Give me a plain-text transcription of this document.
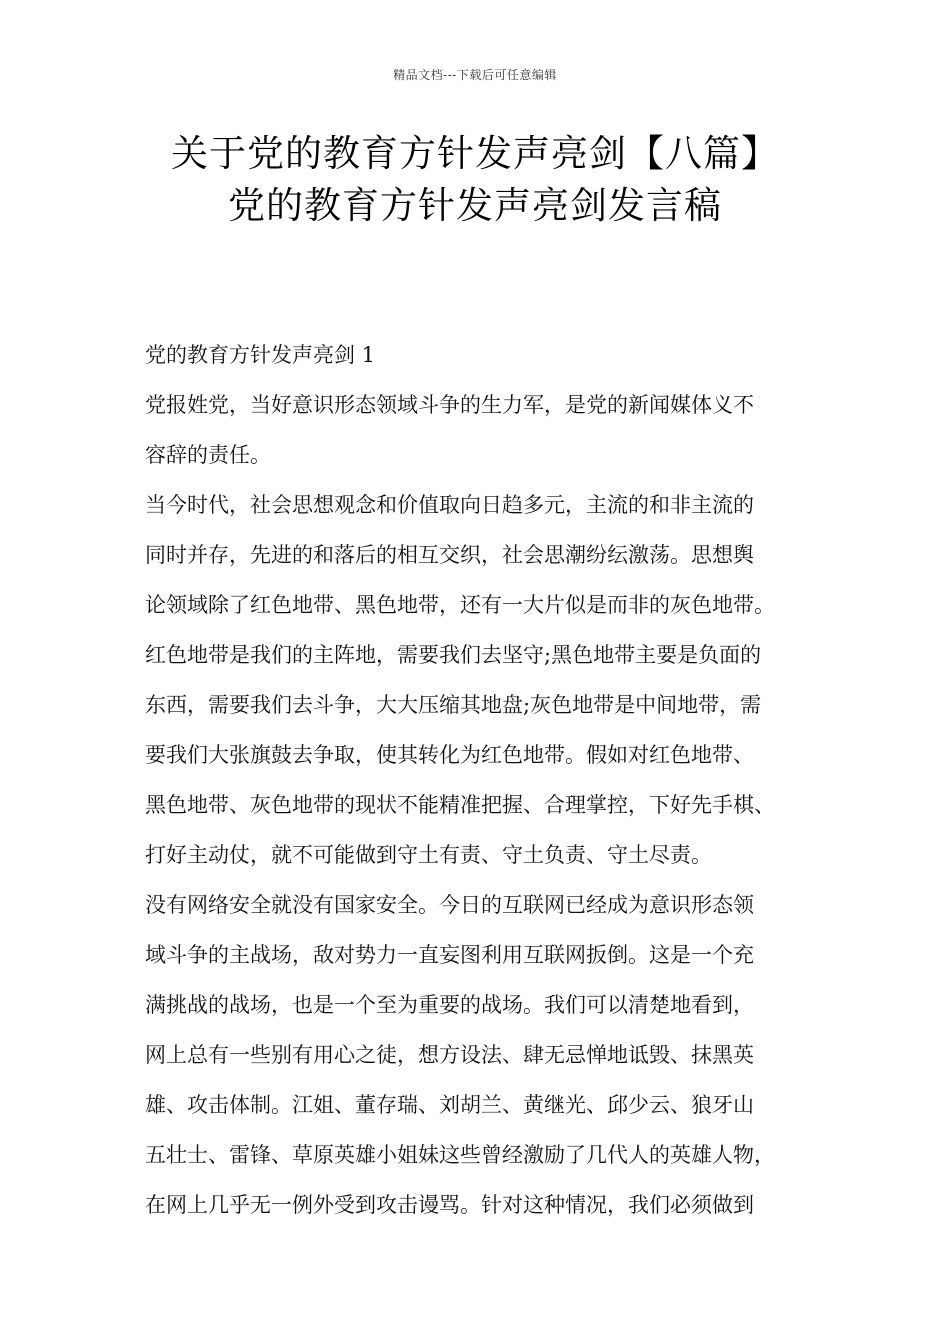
精品文档---下载后可任意编辑
关于党的教育方针发声亮剑【八篇】
党的教育方针发声亮剑发言稿
党的教育方针发声亮剑 1
党报姓党，当好意识形态领域斗争的生力军，是党的新闻媒体义不
容辞的责任。
当今时代，社会思想观念和价值取向日趋多元，主流的和非主流的
同时并存，先进的和落后的相互交织，社会思潮纷纭激荡。思想舆
论领域除了红色地带、黑色地带，还有一大片似是而非的灰色地带。
红色地带是我们的主阵地，需要我们去坚守;黑色地带主要是负面的
东西，需要我们去斗争，大大压缩其地盘;灰色地带是中间地带，需
要我们大张旗鼓去争取，使其转化为红色地带。假如对红色地带、
黑色地带、灰色地带的现状不能精准把握、合理掌控，下好先手棋、
打好主动仗，就不可能做到守土有责、守土负责、守土尽责。
没有网络安全就没有国家安全。今日的互联网已经成为意识形态领
域斗争的主战场，敌对势力一直妄图利用互联网扳倒。这是一个充
满挑战的战场，也是一个至为重要的战场。我们可以清楚地看到，
网上总有一些别有用心之徒，想方设法、肆无忌惮地诋毁、抹黑英
雄、攻击体制。江姐、董存瑞、刘胡兰、黄继光、邱少云、狼牙山
五壮士、雷锋、草原英雄小姐妹这些曾经激励了几代人的英雄人物，
在网上几乎无一例外受到攻击谩骂。针对这种情况，我们必须做到
